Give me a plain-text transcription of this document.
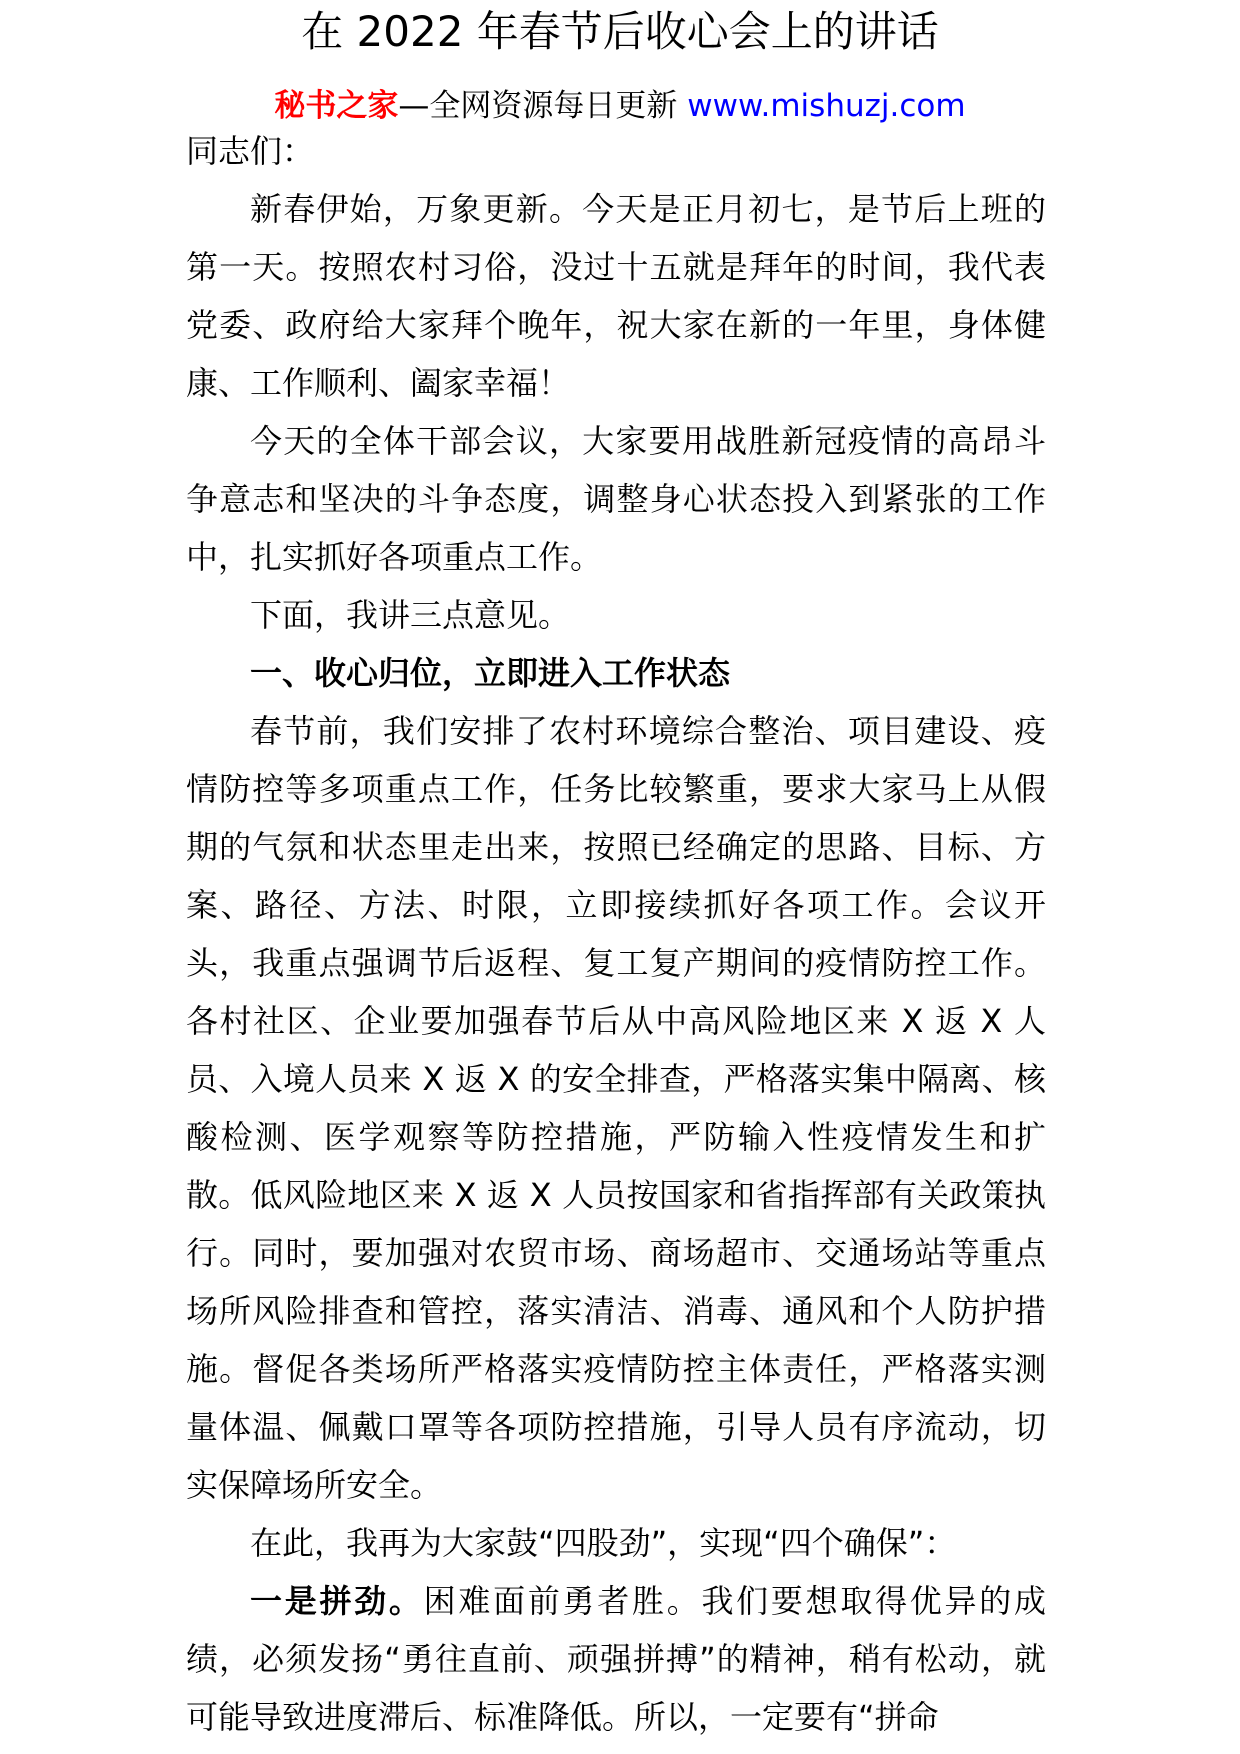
在 2022 年春节后收心会上的讲话
秘书之家—全网资源每日更新 www.mishuzj.com

同志们：

新春伊始，万象更新。今天是正月初七，是节后上班的第一天。按照农村习俗，没过十五就是拜年的时间，我代表党委、政府给大家拜个晚年，祝大家在新的一年里，身体健康、工作顺利、阖家幸福！

今天的全体干部会议，大家要用战胜新冠疫情的高昂斗争意志和坚决的斗争态度，调整身心状态投入到紧张的工作中，扎实抓好各项重点工作。

下面，我讲三点意见。

一、收心归位，立即进入工作状态

春节前，我们安排了农村环境综合整治、项目建设、疫情防控等多项重点工作，任务比较繁重，要求大家马上从假期的气氛和状态里走出来，按照已经确定的思路、目标、方案、路径、方法、时限，立即接续抓好各项工作。会议开头，我重点强调节后返程、复工复产期间的疫情防控工作。各村社区、企业要加强春节后从中高风险地区来 X 返 X 人员、入境人员来 X 返 X 的安全排查，严格落实集中隔离、核酸检测、医学观察等防控措施，严防输入性疫情发生和扩散。低风险地区来 X 返 X 人员按国家和省指挥部有关政策执行。同时，要加强对农贸市场、商场超市、交通场站等重点场所风险排查和管控，落实清洁、消毒、通风和个人防护措施。督促各类场所严格落实疫情防控主体责任，严格落实测量体温、佩戴口罩等各项防控措施，引导人员有序流动，切实保障场所安全。

在此，我再为大家鼓“四股劲”，实现“四个确保”：

一是拼劲。困难面前勇者胜。我们要想取得优异的成绩，必须发扬“勇往直前、顽强拼搏”的精神，稍有松动，就可能导致进度滞后、标准降低。所以，一定要有“拼命
